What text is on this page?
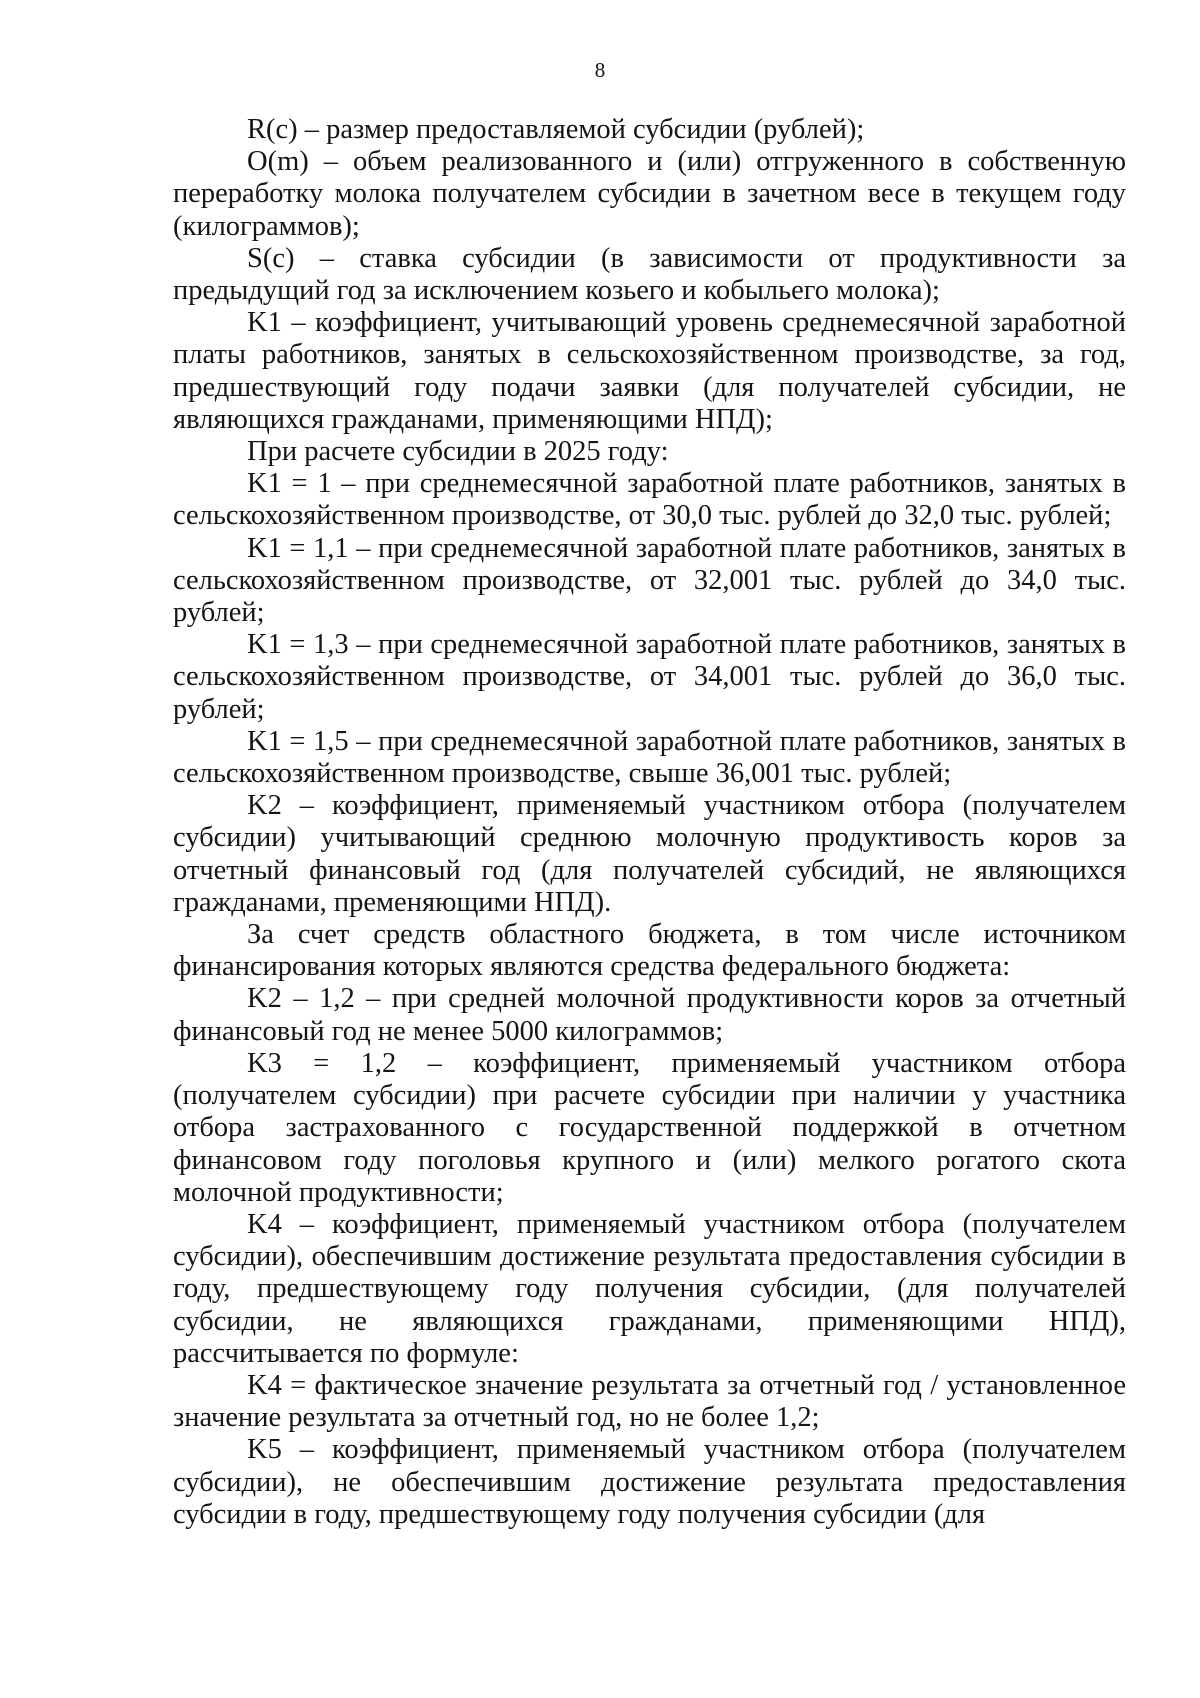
8

R(c) – размер предоставляемой субсидии (рублей);

O(m) – объем реализованного и (или) отгруженного в собственную переработку молока получателем субсидии в зачетном весе в текущем году (килограммов);

S(c) – ставка субсидии (в зависимости от продуктивности за предыдущий год за исключением козьего и кобыльего молока);

K1 – коэффициент, учитывающий уровень среднемесячной заработной платы работников, занятых в сельскохозяйственном производстве, за год, предшествующий году подачи заявки (для получателей субсидии, не являющихся гражданами, применяющими НПД);

При расчете субсидии в 2025 году:

K1 = 1 – при среднемесячной заработной плате работников, занятых в сельскохозяйственном производстве, от 30,0 тыс. рублей до 32,0 тыс. рублей;

K1 = 1,1 – при среднемесячной заработной плате работников, занятых в сельскохозяйственном производстве, от 32,001 тыс. рублей до 34,0 тыс. рублей;

K1 = 1,3 – при среднемесячной заработной плате работников, занятых в сельскохозяйственном производстве, от 34,001 тыс. рублей до 36,0 тыс. рублей;

K1 = 1,5 – при среднемесячной заработной плате работников, занятых в сельскохозяйственном производстве, свыше 36,001 тыс. рублей;

K2 – коэффициент, применяемый участником отбора (получателем субсидии) учитывающий среднюю молочную продуктивость коров за отчетный финансовый год (для получателей субсидий, не являющихся гражданами, пременяющими НПД).

За счет средств областного бюджета, в том числе источником финансирования которых являются средства федерального бюджета:

K2 – 1,2 – при средней молочной продуктивности коров за отчетный финансовый год не менее 5000 килограммов;

K3 = 1,2 – коэффициент, применяемый участником отбора (получателем субсидии) при расчете субсидии при наличии у участника отбора застрахованного с государственной поддержкой в отчетном финансовом году поголовья крупного и (или) мелкого рогатого скота молочной продуктивности;

K4 – коэффициент, применяемый участником отбора (получателем субсидии), обеспечившим достижение результата предоставления субсидии в году, предшествующему году получения субсидии, (для получателей субсидии, не являющихся гражданами, применяющими НПД), рассчитывается по формуле:

K4 = фактическое значение результата за отчетный год / установленное значение результата за отчетный год, но не более 1,2;

K5 – коэффициент, применяемый участником отбора (получателем субсидии), не обеспечившим достижение результата предоставления субсидии в году, предшествующему году получения субсидии (для
